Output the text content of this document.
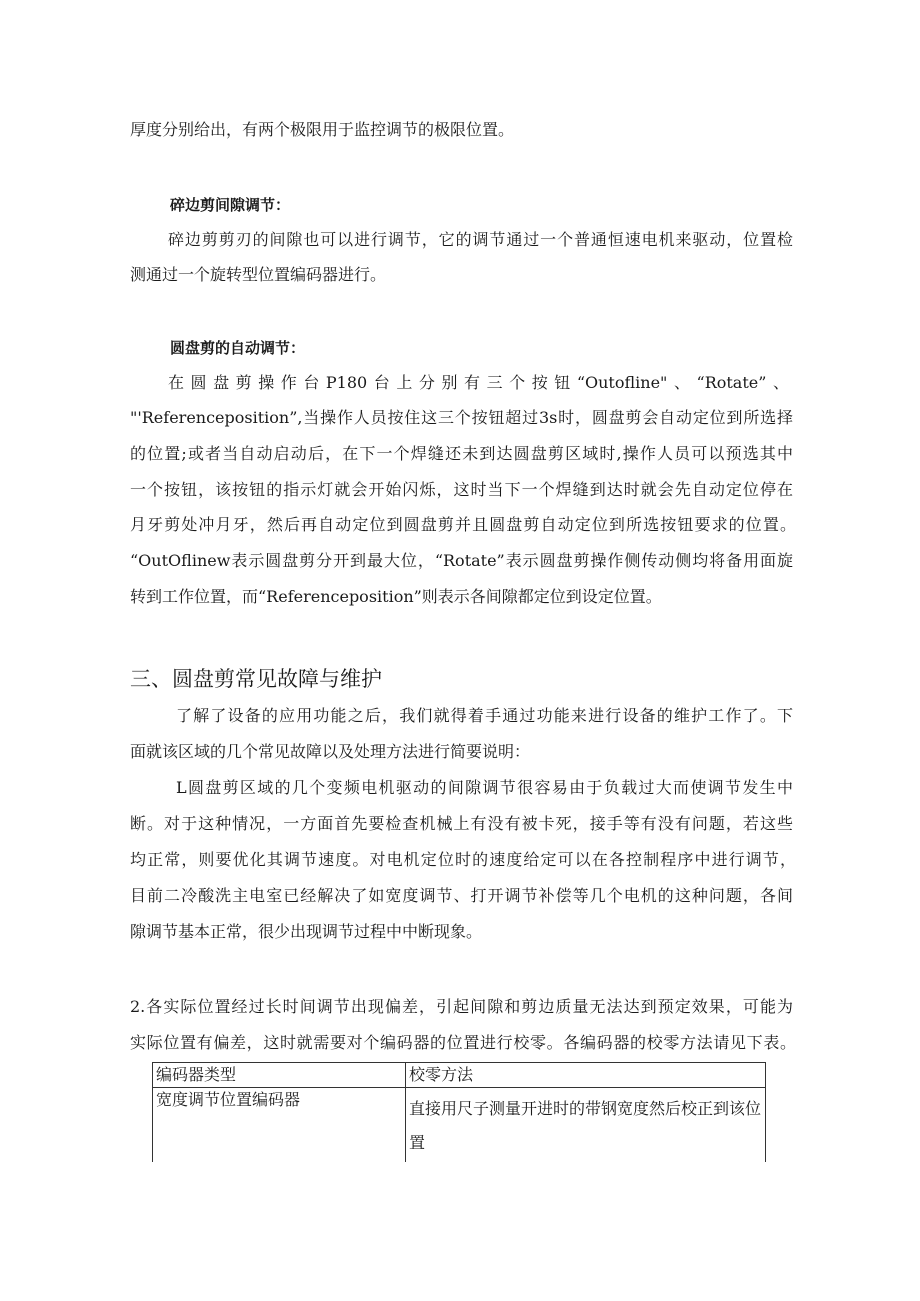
厚度分别给出，有两个极限用于监控调节的极限位置。
碎边剪间隙调节：
碎边剪剪刃的间隙也可以进行调节，它的调节通过一个普通恒速电机来驱动，位置检
测通过一个旋转型位置编码器进行。
圆盘剪的自动调节：
在圆盘剪操作台P180台上分别有三个按钮“Outofline"、“Rotate”、
"'Referenceposition”,当操作人员按住这三个按钮超过3s时，圆盘剪会自动定位到所选择
的位置;或者当自动启动后，在下一个焊缝还未到达圆盘剪区域时,操作人员可以预选其中
一个按钮，该按钮的指示灯就会开始闪烁，这时当下一个焊缝到达时就会先自动定位停在
月牙剪处冲月牙，然后再自动定位到圆盘剪并且圆盘剪自动定位到所选按钮要求的位置。
“OutOflinew表示圆盘剪分开到最大位，“Rotate”表示圆盘剪操作侧传动侧均将备用面旋
转到工作位置，而“Referenceposition”则表示各间隙都定位到设定位置。
三、圆盘剪常见故障与维护
了解了设备的应用功能之后，我们就得着手通过功能来进行设备的维护工作了。下
面就该区域的几个常见故障以及处理方法进行简要说明：
L圆盘剪区域的几个变频电机驱动的间隙调节很容易由于负载过大而使调节发生中
断。对于这种情况，一方面首先要检查机械上有没有被卡死，接手等有没有问题，若这些
均正常，则要优化其调节速度。对电机定位时的速度给定可以在各控制程序中进行调节，
目前二冷酸洗主电室已经解决了如宽度调节、打开调节补偿等几个电机的这种问题，各间
隙调节基本正常，很少出现调节过程中中断现象。
2.各实际位置经过长时间调节出现偏差，引起间隙和剪边质量无法达到预定效果，可能为
实际位置有偏差，这时就需要对个编码器的位置进行校零。各编码器的校零方法请见下表。
编码器类型	校零方法
宽度调节位置编码器	直接用尺子测量开进时的带钢宽度然后校正到该位置
